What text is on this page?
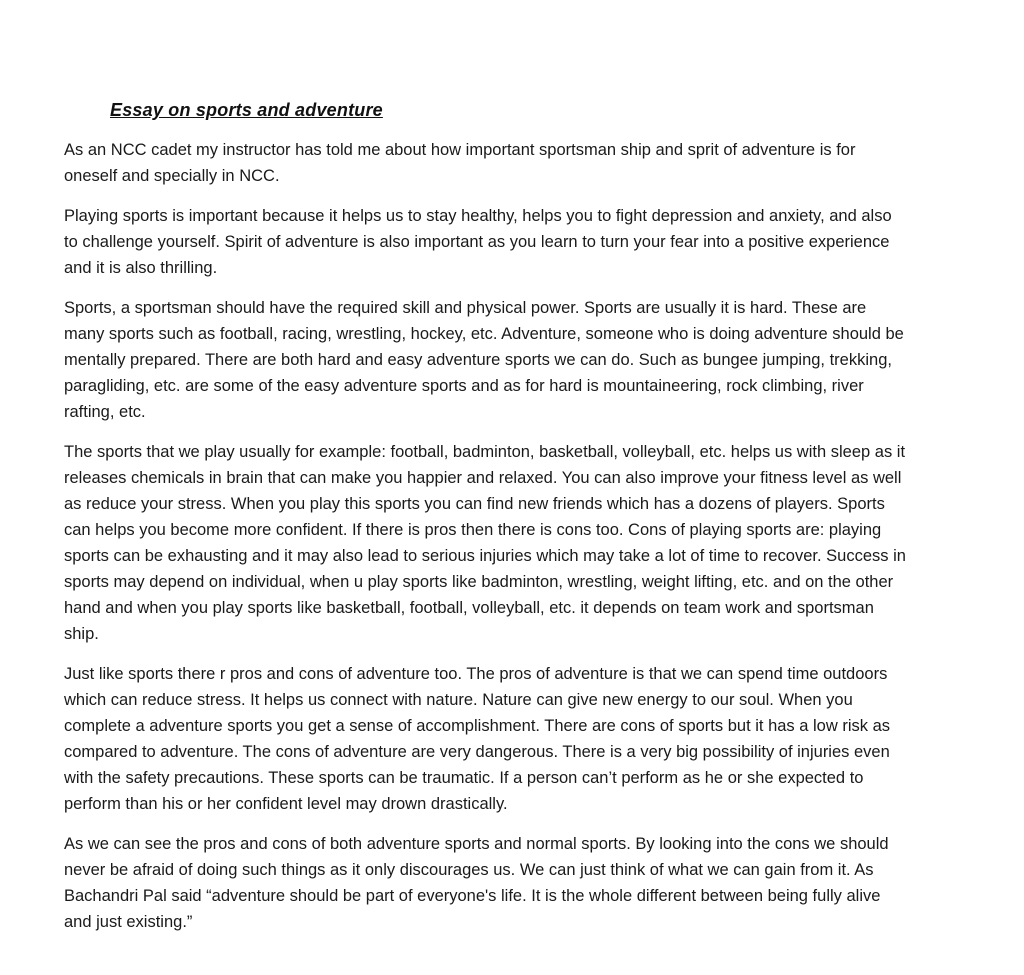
Essay on sports and adventure

As an NCC cadet my instructor has told me about how important sportsman ship and sprit of adventure is for oneself and specially in NCC.

Playing sports is important because it helps us to stay healthy, helps you to fight depression and anxiety, and also to challenge yourself. Spirit of adventure is also important as you learn to turn your fear into a positive experience and it is also thrilling.

Sports, a sportsman should have the required skill and physical power. Sports are usually it is hard. These are many sports such as football, racing, wrestling, hockey, etc. Adventure, someone who is doing adventure should be mentally prepared. There are both hard and easy adventure sports we can do. Such as bungee jumping, trekking, paragliding, etc. are some of the easy adventure sports and as for hard is mountaineering, rock climbing, river rafting, etc.

The sports that we play usually for example: football, badminton, basketball, volleyball, etc. helps us with sleep as it releases chemicals in brain that can make you happier and relaxed. You can also improve your fitness level as well as reduce your stress. When you play this sports you can find new friends which has a dozens of players. Sports can helps you become more confident. If there is pros then there is cons too. Cons of playing sports are: playing sports can be exhausting and it may also lead to serious injuries which may take a lot of time to recover. Success in sports may depend on individual, when u play sports like badminton, wrestling, weight lifting, etc. and on the other hand and when you play sports like basketball, football, volleyball, etc. it depends on team work and sportsman ship.

Just like sports there r pros and cons of adventure too. The pros of adventure is that we can spend time outdoors which can reduce stress. It helps us connect with nature. Nature can give new energy to our soul. When you complete a adventure sports you get a sense of accomplishment. There are cons of sports but it has a low risk as compared to adventure. The cons of adventure are very dangerous. There is a very big possibility of injuries even with the safety precautions. These sports can be traumatic. If a person can’t perform as he or she expected to perform than his or her confident level may drown drastically.

As we can see the pros and cons of both adventure sports and normal sports. By looking into the cons we should never be afraid of doing such things as it only discourages us. We can just think of what we can gain from it. As Bachandri Pal said “adventure should be part of everyone's life. It is the whole different between being fully alive and just existing.”
